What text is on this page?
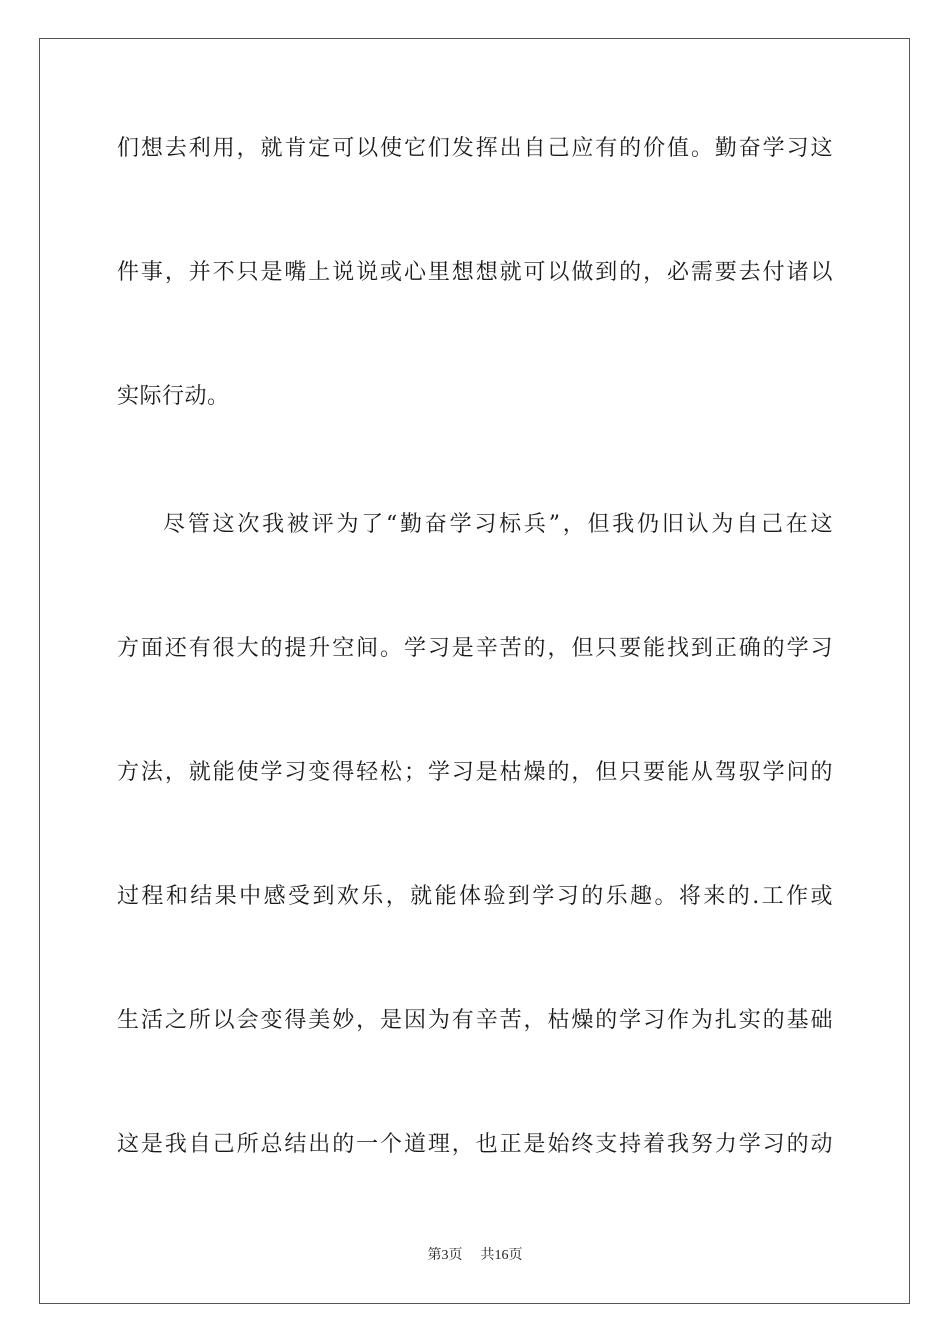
们想去利用，就肯定可以使它们发挥出自己应有的价值。勤奋学习这
件事，并不只是嘴上说说或心里想想就可以做到的，必需要去付诸以
实际行动。
尽管这次我被评为了“勤奋学习标兵”，但我仍旧认为自己在这
方面还有很大的提升空间。学习是辛苦的，但只要能找到正确的学习
方法，就能使学习变得轻松；学习是枯燥的，但只要能从驾驭学问的
过程和结果中感受到欢乐，就能体验到学习的乐趣。将来的.工作或
生活之所以会变得美妙，是因为有辛苦，枯燥的学习作为扎实的基础
这是我自己所总结出的一个道理，也正是始终支持着我努力学习的动
第3页 共16页
